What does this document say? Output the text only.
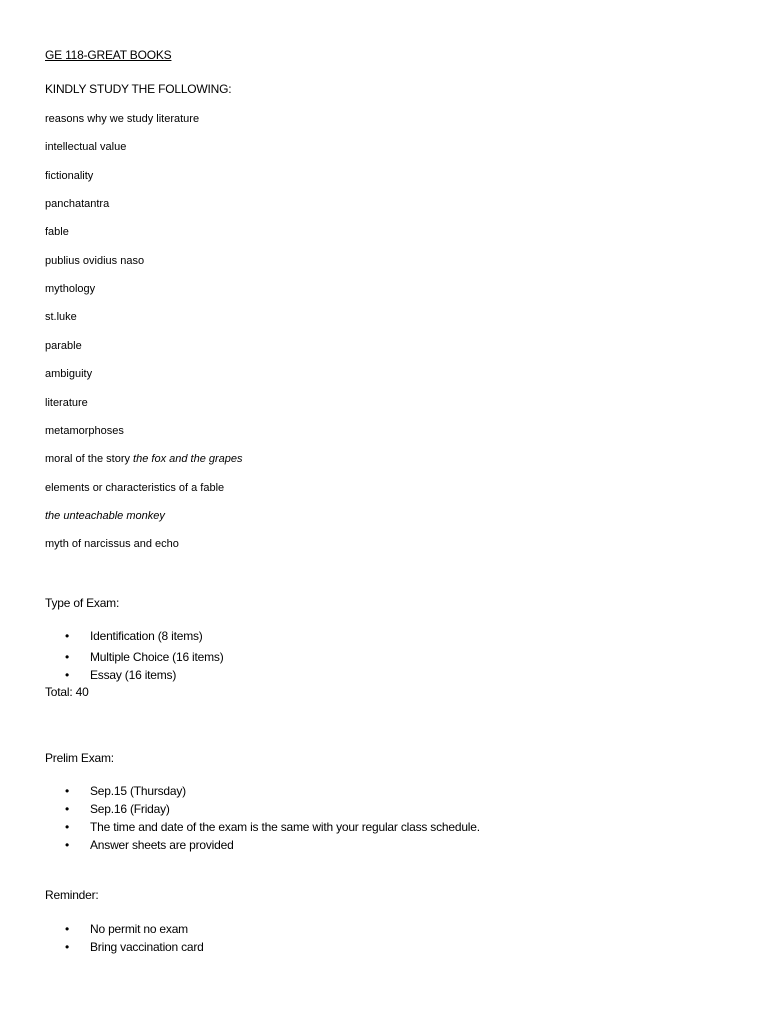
GE 118-GREAT BOOKS
KINDLY STUDY THE FOLLOWING:
reasons why we study literature
intellectual value
fictionality
panchatantra
fable
publius ovidius naso
mythology
st.luke
parable
ambiguity
literature
metamorphoses
moral of the story the fox and the grapes
elements or characteristics of a fable
the unteachable monkey
myth of narcissus and echo
Type of Exam:
•	Identification (8 items)
•	Multiple Choice (16 items)
•	Essay (16 items)
Total: 40
Prelim Exam:
•	Sep.15 (Thursday)
•	Sep.16 (Friday)
•	The time and date of the exam is the same with your regular class schedule.
•	Answer sheets are provided
Reminder:
•	No permit no exam
•	Bring vaccination card
